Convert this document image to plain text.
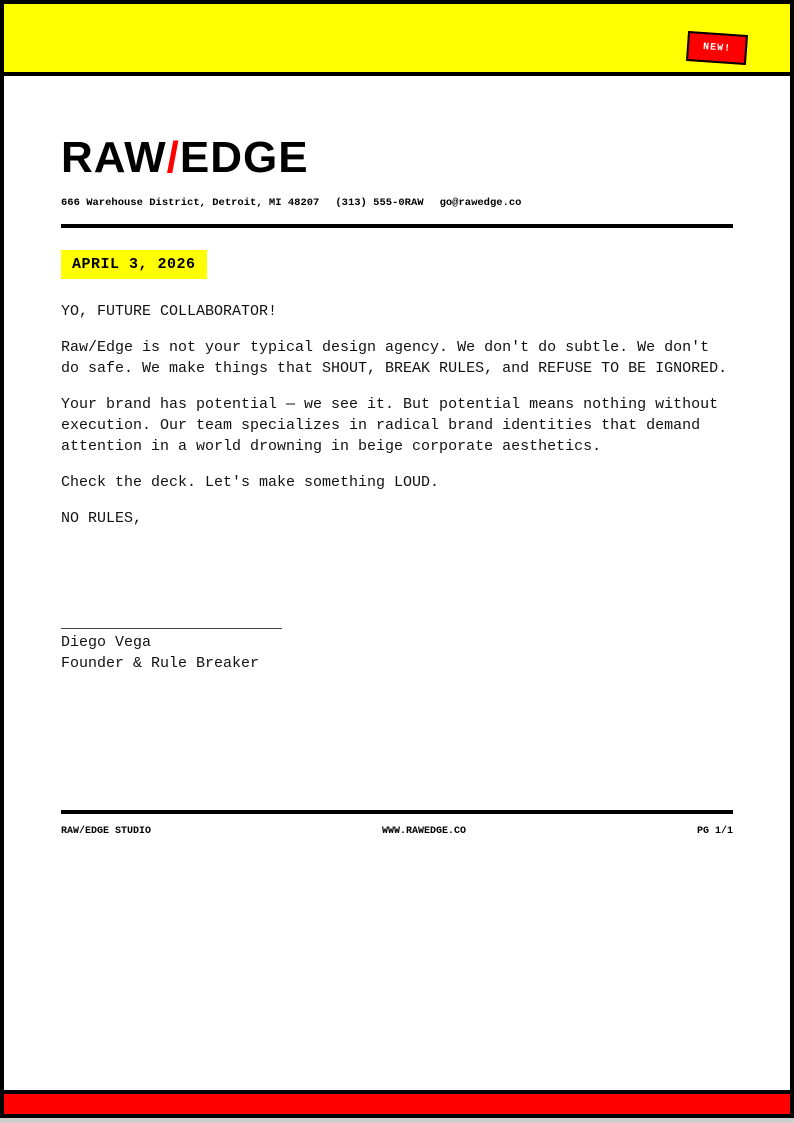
NEW!
RAW/EDGE
666 Warehouse District, Detroit, MI 48207 (313) 555-0RAW go@rawedge.co
APRIL 3, 2026

YO, FUTURE COLLABORATOR!

Raw/Edge is not your typical design agency. We don't do subtle. We don't do safe. We make things that SHOUT, BREAK RULES, and REFUSE TO BE IGNORED.

Your brand has potential — we see it. But potential means nothing without execution. Our team specializes in radical brand identities that demand attention in a world drowning in beige corporate aesthetics.

Check the deck. Let's make something LOUD.

NO RULES,

Diego Vega
Founder & Rule Breaker
RAW/EDGE STUDIO	WWW.RAWEDGE.CO	PG 1/1
